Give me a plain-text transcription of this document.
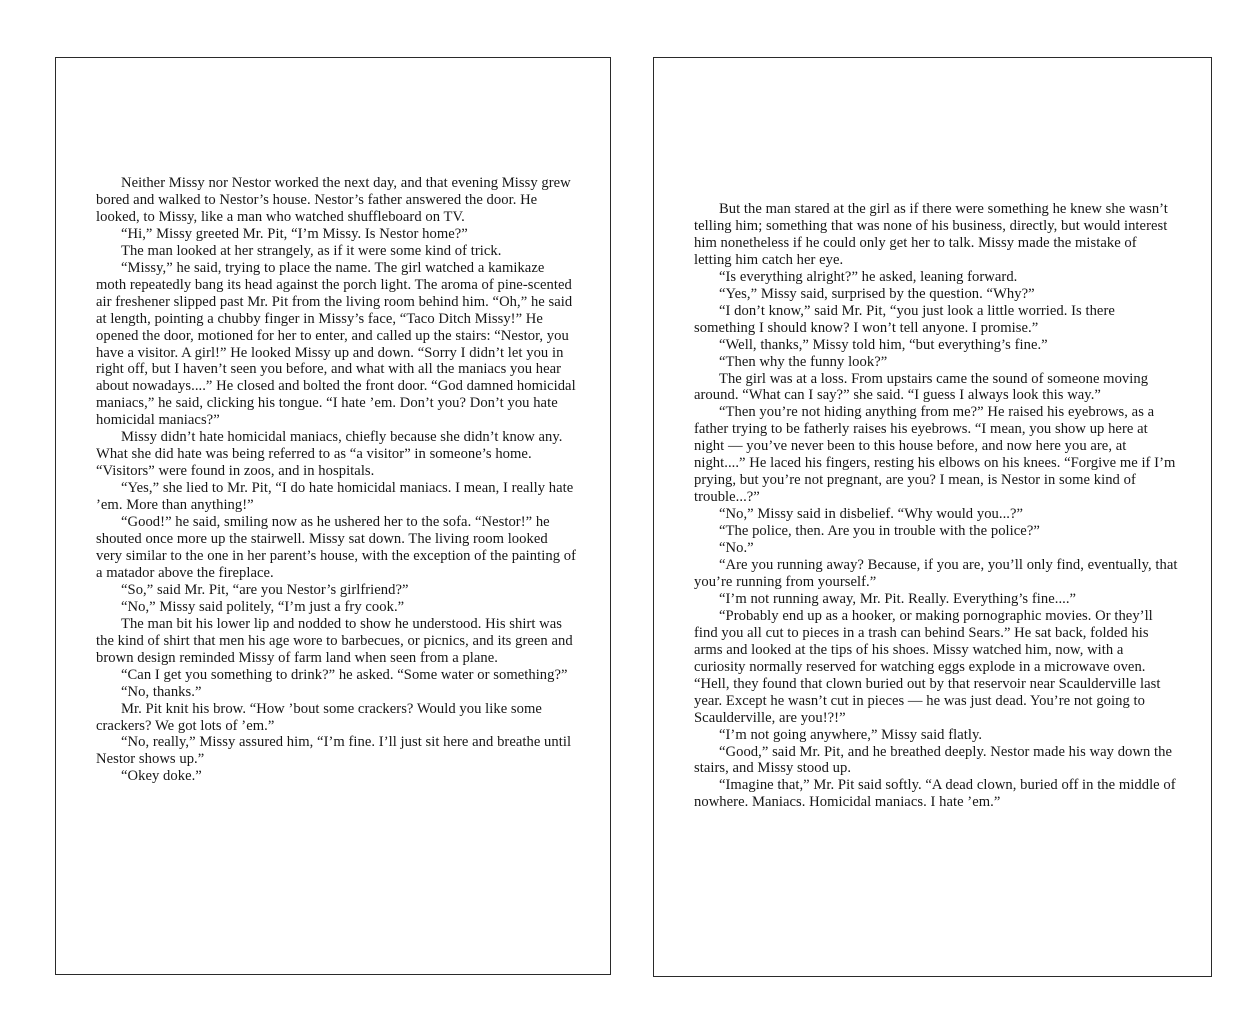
Neither Missy nor Nestor worked the next day, and that evening Missy grew bored and walked to Nestor’s house. Nestor’s father answered the door. He looked, to Missy, like a man who watched shuffleboard on TV.

“Hi,” Missy greeted Mr. Pit, “I’m Missy. Is Nestor home?”

The man looked at her strangely, as if it were some kind of trick.

“Missy,” he said, trying to place the name. The girl watched a kamikaze moth repeatedly bang its head against the porch light. The aroma of pine-scented air freshener slipped past Mr. Pit from the living room behind him. “Oh,” he said at length, pointing a chubby finger in Missy’s face, “Taco Ditch Missy!” He opened the door, motioned for her to enter, and called up the stairs: “Nestor, you have a visitor. A girl!” He looked Missy up and down. “Sorry I didn’t let you in right off, but I haven’t seen you before, and what with all the maniacs you hear about nowadays....” He closed and bolted the front door. “God damned homicidal maniacs,” he said, clicking his tongue. “I hate ’em. Don’t you? Don’t you hate homicidal maniacs?”

Missy didn’t hate homicidal maniacs, chiefly because she didn’t know any. What she did hate was being referred to as “a visitor” in someone’s home. “Visitors” were found in zoos, and in hospitals.

“Yes,” she lied to Mr. Pit, “I do hate homicidal maniacs. I mean, I really hate ’em. More than anything!”

“Good!” he said, smiling now as he ushered her to the sofa. “Nestor!” he shouted once more up the stairwell. Missy sat down. The living room looked very similar to the one in her parent’s house, with the exception of the painting of a matador above the fireplace.

“So,” said Mr. Pit, “are you Nestor’s girlfriend?”

“No,” Missy said politely, “I’m just a fry cook.”

The man bit his lower lip and nodded to show he understood. His shirt was the kind of shirt that men his age wore to barbecues, or picnics, and its green and brown design reminded Missy of farm land when seen from a plane.

“Can I get you something to drink?” he asked. “Some water or something?”

“No, thanks.”

Mr. Pit knit his brow. “How ’bout some crackers? Would you like some crackers? We got lots of ’em.”

“No, really,” Missy assured him, “I’m fine. I’ll just sit here and breathe until Nestor shows up.”

“Okey doke.”

But the man stared at the girl as if there were something he knew she wasn’t telling him; something that was none of his business, directly, but would interest him nonetheless if he could only get her to talk. Missy made the mistake of letting him catch her eye.

“Is everything alright?” he asked, leaning forward.

“Yes,” Missy said, surprised by the question. “Why?”

“I don’t know,” said Mr. Pit, “you just look a little worried. Is there something I should know? I won’t tell anyone. I promise.”

“Well, thanks,” Missy told him, “but everything’s fine.”

“Then why the funny look?”

The girl was at a loss. From upstairs came the sound of someone moving around. “What can I say?” she said. “I guess I always look this way.”

“Then you’re not hiding anything from me?” He raised his eyebrows, as a father trying to be fatherly raises his eyebrows. “I mean, you show up here at night — you’ve never been to this house before, and now here you are, at night....” He laced his fingers, resting his elbows on his knees. “Forgive me if I’m prying, but you’re not pregnant, are you? I mean, is Nestor in some kind of trouble...?”

“No,” Missy said in disbelief. “Why would you...?”

“The police, then. Are you in trouble with the police?”

“No.”

“Are you running away? Because, if you are, you’ll only find, eventually, that you’re running from yourself.”

“I’m not running away, Mr. Pit. Really. Everything’s fine....”

“Probably end up as a hooker, or making pornographic movies. Or they’ll find you all cut to pieces in a trash can behind Sears.” He sat back, folded his arms and looked at the tips of his shoes. Missy watched him, now, with a curiosity normally reserved for watching eggs explode in a microwave oven. “Hell, they found that clown buried out by that reservoir near Scaulderville last year. Except he wasn’t cut in pieces — he was just dead. You’re not going to Scaulderville, are you!?!”

“I’m not going anywhere,” Missy said flatly.

“Good,” said Mr. Pit, and he breathed deeply. Nestor made his way down the stairs, and Missy stood up.

“Imagine that,” Mr. Pit said softly. “A dead clown, buried off in the middle of nowhere. Maniacs. Homicidal maniacs. I hate ’em.”
